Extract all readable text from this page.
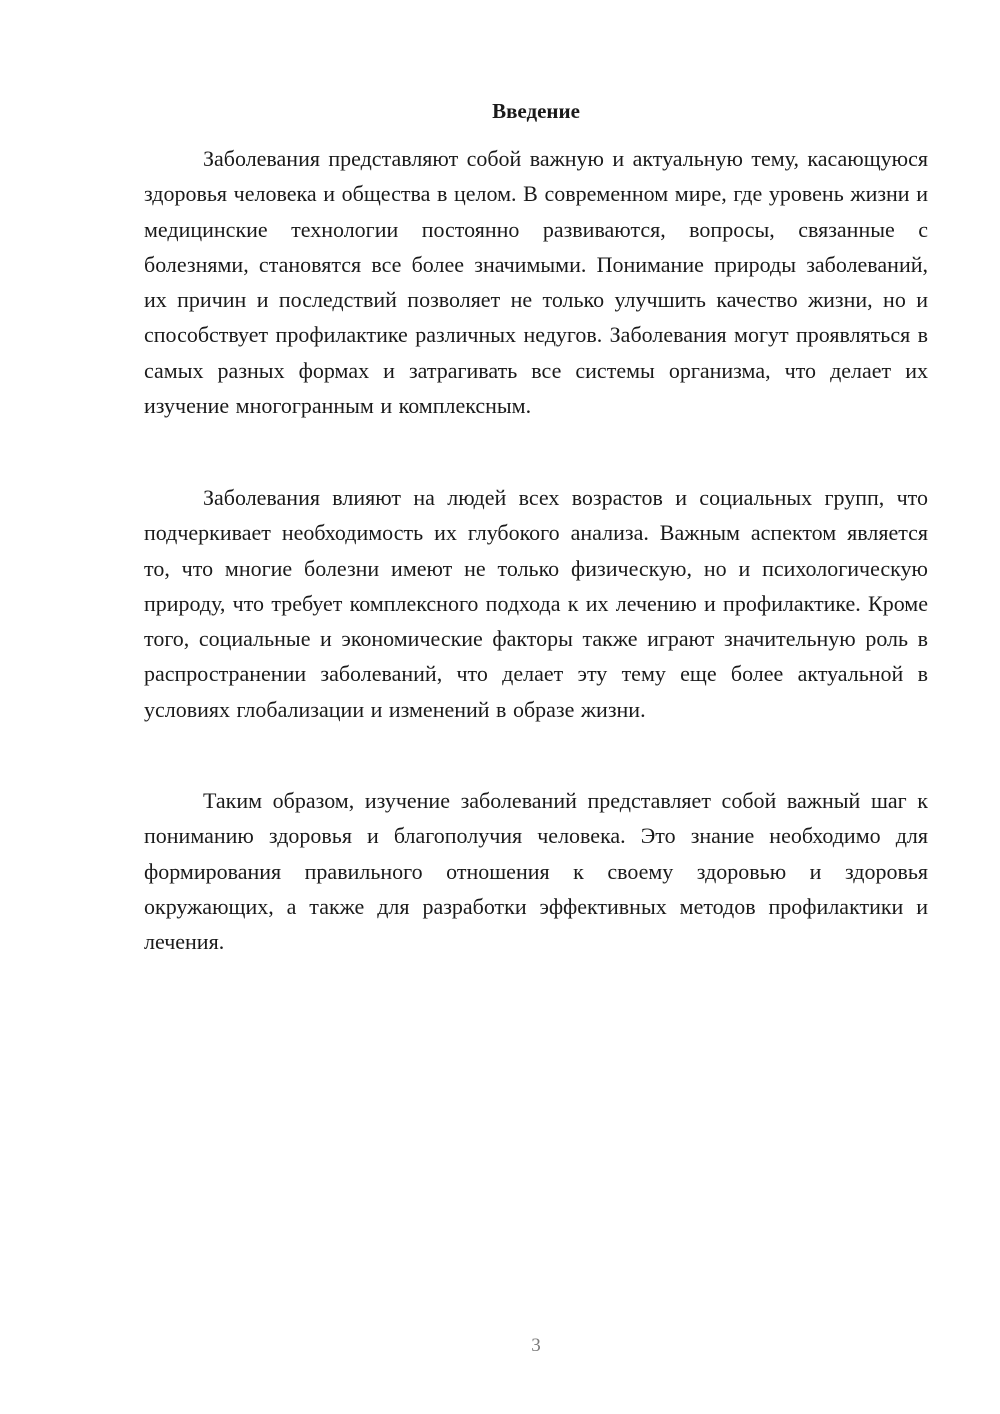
Введение

Заболевания представляют собой важную и актуальную тему, касающуюся здоровья человека и общества в целом. В современном мире, где уровень жизни и медицинские технологии постоянно развиваются, вопросы, связанные с болезнями, становятся все более значимыми. Понимание природы заболеваний, их причин и последствий позволяет не только улучшить качество жизни, но и способствует профилактике различных недугов. Заболевания могут проявляться в самых разных формах и затрагивать все системы организма, что делает их изучение многогранным и комплексным.

Заболевания влияют на людей всех возрастов и социальных групп, что подчеркивает необходимость их глубокого анализа. Важным аспектом является то, что многие болезни имеют не только физическую, но и психологическую природу, что требует комплексного подхода к их лечению и профилактике. Кроме того, социальные и экономические факторы также играют значительную роль в распространении заболеваний, что делает эту тему еще более актуальной в условиях глобализации и изменений в образе жизни.

Таким образом, изучение заболеваний представляет собой важный шаг к пониманию здоровья и благополучия человека. Это знание необходимо для формирования правильного отношения к своему здоровью и здоровья окружающих, а также для разработки эффективных методов профилактики и лечения.

3
